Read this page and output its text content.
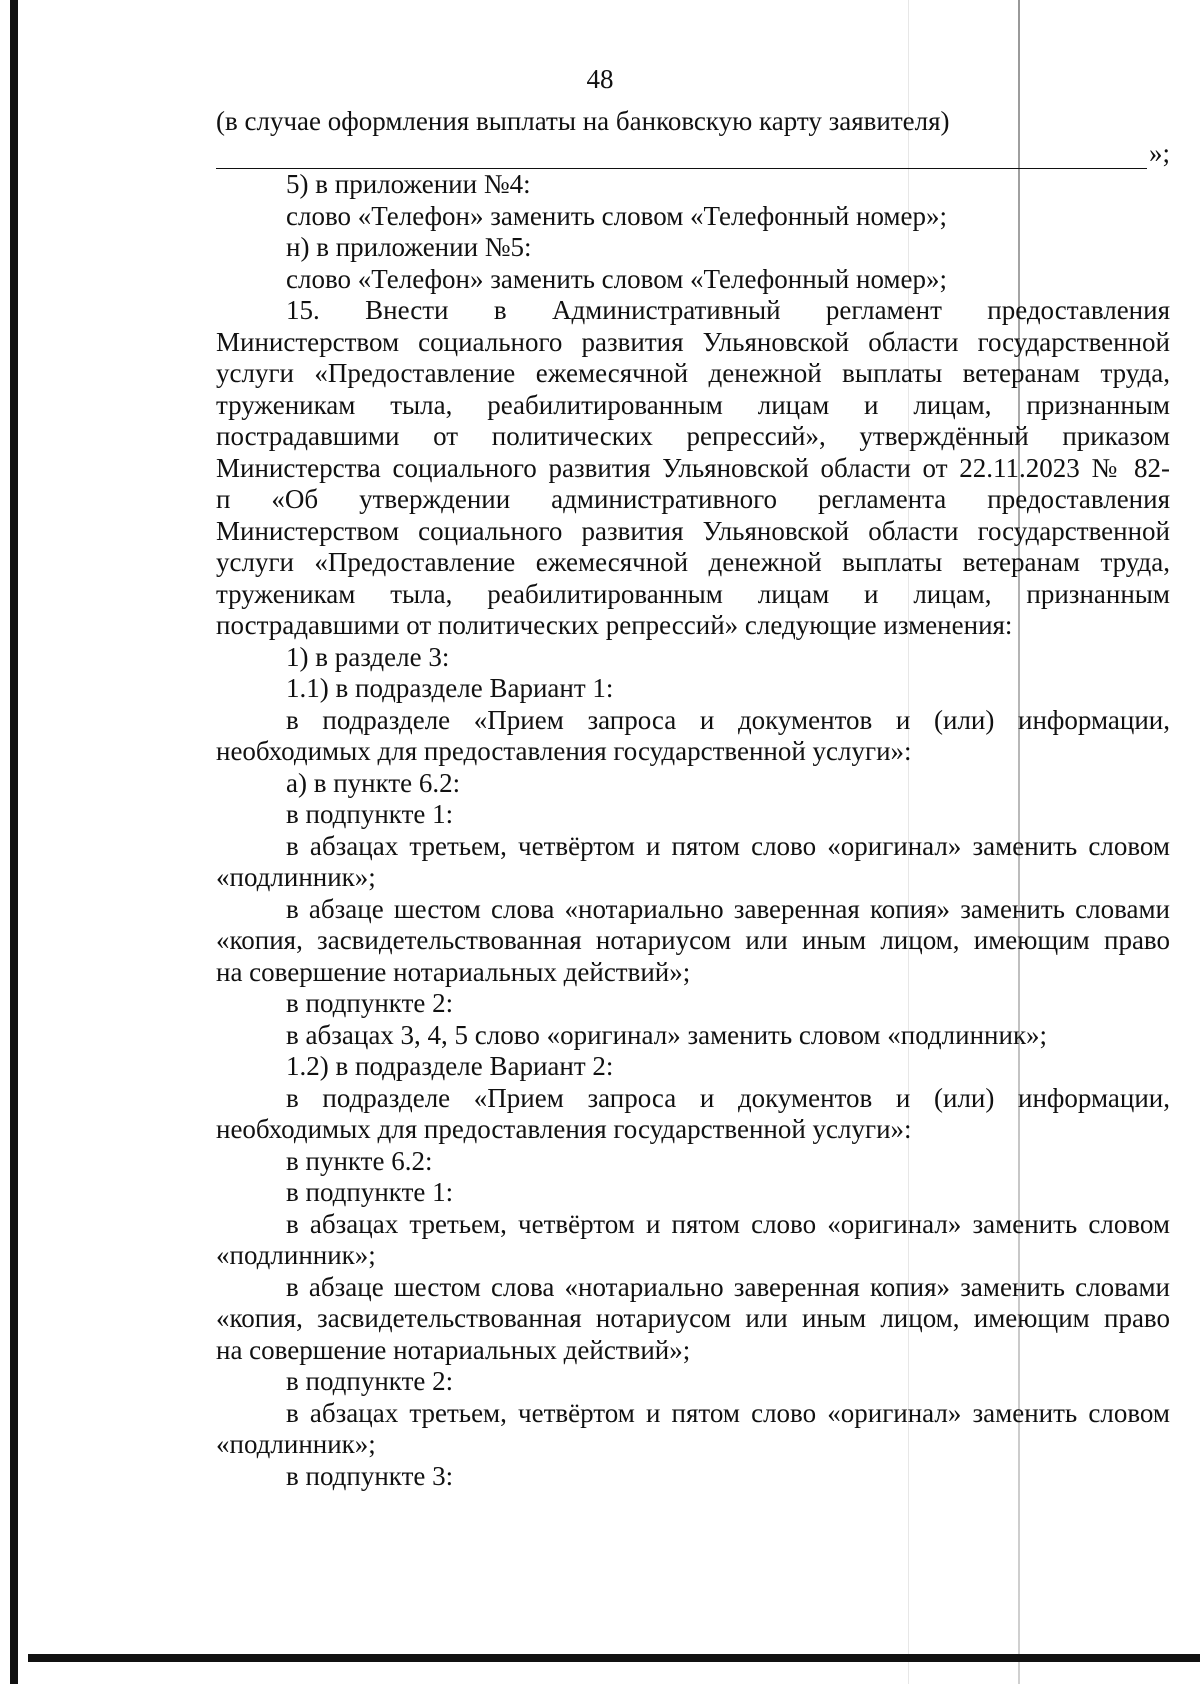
48
(в случае оформления выплаты на банковскую карту заявителя)
»;
5) в приложении №4:
слово «Телефон» заменить словом «Телефонный номер»;
н) в приложении №5:
слово «Телефон» заменить словом «Телефонный номер»;
15. Внести в Административный регламент предоставления
Министерством социального развития Ульяновской области государственной
услуги «Предоставление ежемесячной денежной выплаты ветеранам труда,
труженикам тыла, реабилитированным лицам и лицам, признанным
пострадавшими от политических репрессий», утверждённый приказом
Министерства социального развития Ульяновской области от 22.11.2023 № 82-
п «Об утверждении административного регламента предоставления
Министерством социального развития Ульяновской области государственной
услуги «Предоставление ежемесячной денежной выплаты ветеранам труда,
труженикам тыла, реабилитированным лицам и лицам, признанным
пострадавшими от политических репрессий» следующие изменения:
1) в разделе 3:
1.1) в подразделе Вариант 1:
в подразделе «Прием запроса и документов и (или) информации,
необходимых для предоставления государственной услуги»:
а) в пункте 6.2:
в подпункте 1:
в абзацах третьем, четвёртом и пятом слово «оригинал» заменить словом
«подлинник»;
в абзаце шестом слова «нотариально заверенная копия» заменить словами
«копия, засвидетельствованная нотариусом или иным лицом, имеющим право
на совершение нотариальных действий»;
в подпункте 2:
в абзацах 3, 4, 5 слово «оригинал» заменить словом «подлинник»;
1.2) в подразделе Вариант 2:
в подразделе «Прием запроса и документов и (или) информации,
необходимых для предоставления государственной услуги»:
в пункте 6.2:
в подпункте 1:
в абзацах третьем, четвёртом и пятом слово «оригинал» заменить словом
«подлинник»;
в абзаце шестом слова «нотариально заверенная копия» заменить словами
«копия, засвидетельствованная нотариусом или иным лицом, имеющим право
на совершение нотариальных действий»;
в подпункте 2:
в абзацах третьем, четвёртом и пятом слово «оригинал» заменить словом
«подлинник»;
в подпункте 3:
